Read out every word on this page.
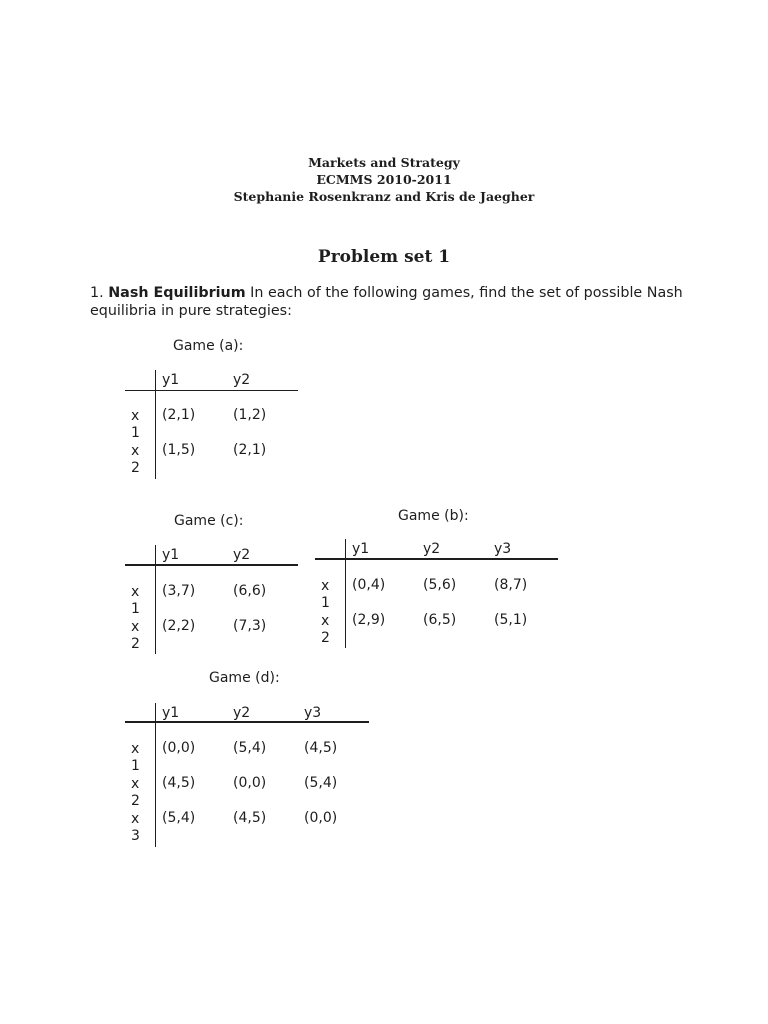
Markets and Strategy
ECMMS 2010-2011
Stephanie Rosenkranz and Kris de Jaegher
Problem set 1
1. Nash Equilibrium In each of the following games, find the set of possible Nash equilibria in pure strategies:
Game (a):
y1	y2
x
1
(2,1)	(1,2)
x
2
(1,5)	(2,1)
Game (c):
y1	y2
x
1
(3,7)	(6,6)
x
2
(2,2)	(7,3)
Game (b):
y1	y2	y3
x
1
(0,4)	(5,6)	(8,7)
x
2
(2,9)	(6,5)	(5,1)
Game (d):
y1	y2	y3
x
1
(0,0)	(5,4)	(4,5)
x
2
(4,5)	(0,0)	(5,4)
x
3
(5,4)	(4,5)	(0,0)
